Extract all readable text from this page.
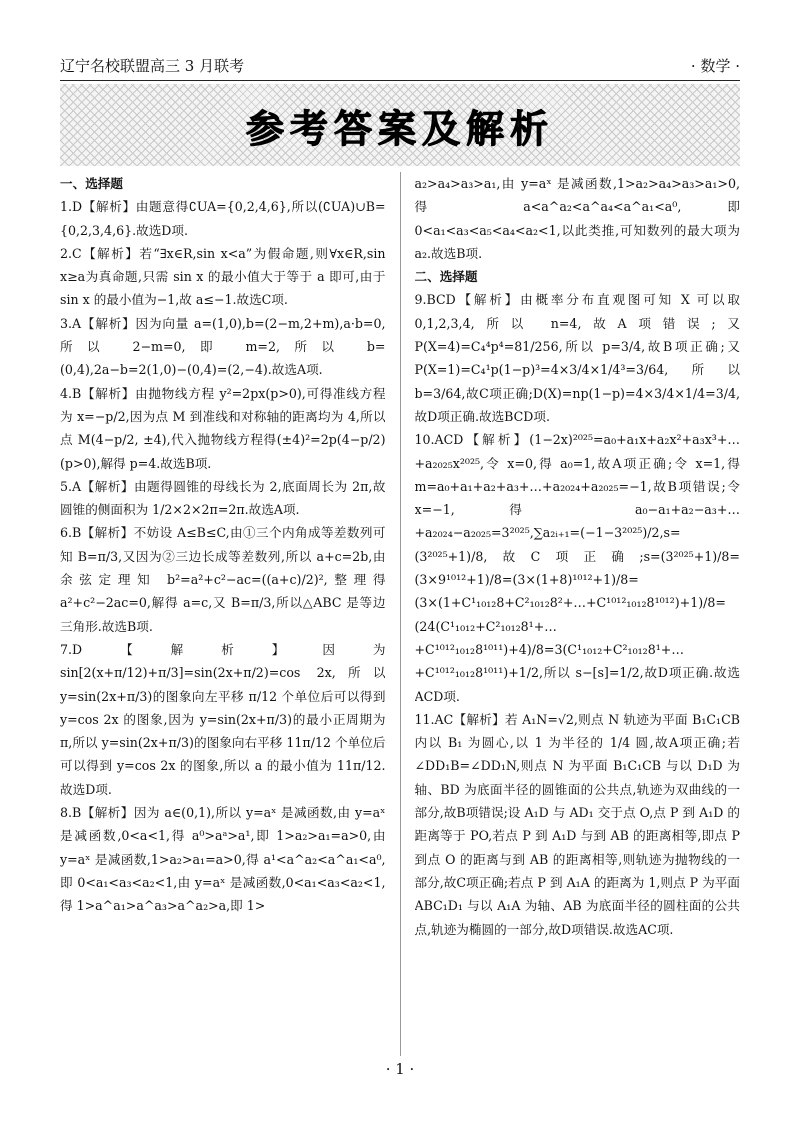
辽宁名校联盟高三 3 月联考	· 数学 ·
参考答案及解析

一、选择题

1.D【解析】由题意得∁UA={0,2,4,6},所以(∁UA)∪B={0,2,3,4,6}.故选D项.

2.C【解析】若“∃x∈R,sin x<a”为假命题,则∀x∈R,sin x≥a为真命题,只需 sin x 的最小值大于等于 a 即可,由于 sin x 的最小值为−1,故 a≤−1.故选C项.

3.A【解析】因为向量 a=(1,0),b=(2−m,2+m),a·b=0,所以 2−m=0,即 m=2,所以 b=(0,4),2a−b=2(1,0)−(0,4)=(2,−4).故选A项.

4.B【解析】由抛物线方程 y²=2px(p>0),可得准线方程为 x=−p/2,因为点 M 到准线和对称轴的距离均为 4,所以点 M(4−p/2, ±4),代入抛物线方程得(±4)²=2p(4−p/2)(p>0),解得 p=4.故选B项.

5.A【解析】由题得圆锥的母线长为 2,底面周长为 2π,故圆锥的侧面积为 1/2×2×2π=2π.故选A项.

6.B【解析】不妨设 A≤B≤C,由①三个内角成等差数列可知 B=π/3,又因为②三边长成等差数列,所以 a+c=2b,由余弦定理知 b²=a²+c²−ac=((a+c)/2)²,整理得 a²+c²−2ac=0,解得 a=c,又 B=π/3,所以△ABC 是等边三角形.故选B项.

7.D【解析】因为 sin[2(x+π/12)+π/3]=sin(2x+π/2)=cos 2x,所以 y=sin(2x+π/3)的图象向左平移 π/12 个单位后可以得到 y=cos 2x 的图象,因为 y=sin(2x+π/3)的最小正周期为 π,所以 y=sin(2x+π/3)的图象向右平移 11π/12 个单位后可以得到 y=cos 2x 的图象,所以 a 的最小值为 11π/12.故选D项.

8.B【解析】因为 a∈(0,1),所以 y=aˣ 是减函数,由 y=aˣ 是减函数,0<a<1,得 a⁰>aᵃ>a¹,即 1>a₂>a₁=a>0,由 y=aˣ 是减函数,1>a₂>a₁=a>0,得 a¹<a^a₂<a^a₁<a⁰,即 0<a₁<a₃<a₂<1,由 y=aˣ 是减函数,0<a₁<a₃<a₂<1,得 1>a^a₁>a^a₃>a^a₂>a,即 1>

a₂>a₄>a₃>a₁,由 y=aˣ 是减函数,1>a₂>a₄>a₃>a₁>0,得 a<a^a₂<a^a₄<a^a₁<a⁰,即 0<a₁<a₃<a₅<a₄<a₂<1,以此类推,可知数列的最大项为 a₂.故选B项.

二、选择题

9.BCD【解析】由概率分布直观图可知 X 可以取 0,1,2,3,4,所以 n=4,故A项错误;又 P(X=4)=C₄⁴p⁴=81/256,所以 p=3/4,故B项正确;又 P(X=1)=C₄¹p(1−p)³=4×3/4×1/4³=3/64,所以 b=3/64,故C项正确;D(X)=np(1−p)=4×3/4×1/4=3/4,故D项正确.故选BCD项.

10.ACD【解析】(1−2x)²⁰²⁵=a₀+a₁x+a₂x²+a₃x³+…+a₂₀₂₅x²⁰²⁵,令 x=0,得 a₀=1,故A项正确;令 x=1,得 m=a₀+a₁+a₂+a₃+…+a₂₀₂₄+a₂₀₂₅=−1,故B项错误;令 x=−1,得 a₀−a₁+a₂−a₃+…+a₂₀₂₄−a₂₀₂₅=3²⁰²⁵,∑a₂ᵢ₊₁=(−1−3²⁰²⁵)/2,s=(3²⁰²⁵+1)/8,故C项正确;s=(3²⁰²⁵+1)/8=(3×9¹⁰¹²+1)/8=(3×(1+8)¹⁰¹²+1)/8=(3×(1+C¹₁₀₁₂8+C²₁₀₁₂8²+…+C¹⁰¹²₁₀₁₂8¹⁰¹²)+1)/8=(24(C¹₁₀₁₂+C²₁₀₁₂8¹+…+C¹⁰¹²₁₀₁₂8¹⁰¹¹)+4)/8=3(C¹₁₀₁₂+C²₁₀₁₂8¹+…+C¹⁰¹²₁₀₁₂8¹⁰¹¹)+1/2,所以 s−[s]=1/2,故D项正确.故选ACD项.

11.AC【解析】若 A₁N=√2,则点 N 轨迹为平面 B₁C₁CB 内以 B₁ 为圆心,以 1 为半径的 1/4 圆,故A项正确;若∠DD₁B=∠DD₁N,则点 N 为平面 B₁C₁CB 与以 D₁D 为轴、BD 为底面半径的圆锥面的公共点,轨迹为双曲线的一部分,故B项错误;设 A₁D 与 AD₁ 交于点 O,点 P 到 A₁D 的距离等于 PO,若点 P 到 A₁D 与到 AB 的距离相等,即点 P 到点 O 的距离与到 AB 的距离相等,则轨迹为抛物线的一部分,故C项正确;若点 P 到 A₁A 的距离为 1,则点 P 为平面 ABC₁D₁ 与以 A₁A 为轴、AB 为底面半径的圆柱面的公共点,轨迹为椭圆的一部分,故D项错误.故选AC项.

· 1 ·
